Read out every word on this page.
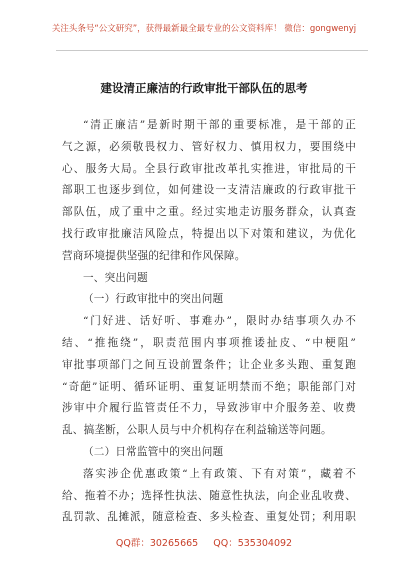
关注头条号“公文研究”，获得最新最全最专业的公文资料库！ 微信：gongwenyj
建设清正廉洁的行政审批干部队伍的思考
“清正廉洁”是新时期干部的重要标准，是干部的正
气之源，必须敬畏权力、管好权力、慎用权力，要围绕中
心、服务大局。全县行政审批改革扎实推进，审批局的干
部职工也逐步到位，如何建设一支清洁廉政的行政审批干
部队伍，成了重中之重。经过实地走访服务群众，认真查
找行政审批廉洁风险点，特提出以下对策和建议，为优化
营商环境提供坚强的纪律和作风保障。
一、突出问题
（一）行政审批中的突出问题
“门好进、话好听、事难办”，限时办结事项久办不
结、“推拖绕”，职责范围内事项推诿扯皮、“中梗阻”
审批事项部门之间互设前置条件；让企业多头跑、重复跑
“奇葩”证明、循环证明、重复证明禁而不绝；职能部门对
涉审中介履行监管责任不力，导致涉审中介服务差、收费
乱、搞垄断，公职人员与中介机构存在利益输送等问题。
（二）日常监管中的突出问题
落实涉企优惠政策“上有政策、下有对策”，藏着不
给、拖着不办；选择性执法、随意性执法，向企业乱收费、
乱罚款、乱摊派，随意检查、多头检查、重复处罚；利用职
QQ群：30265665 QQ：535304092
